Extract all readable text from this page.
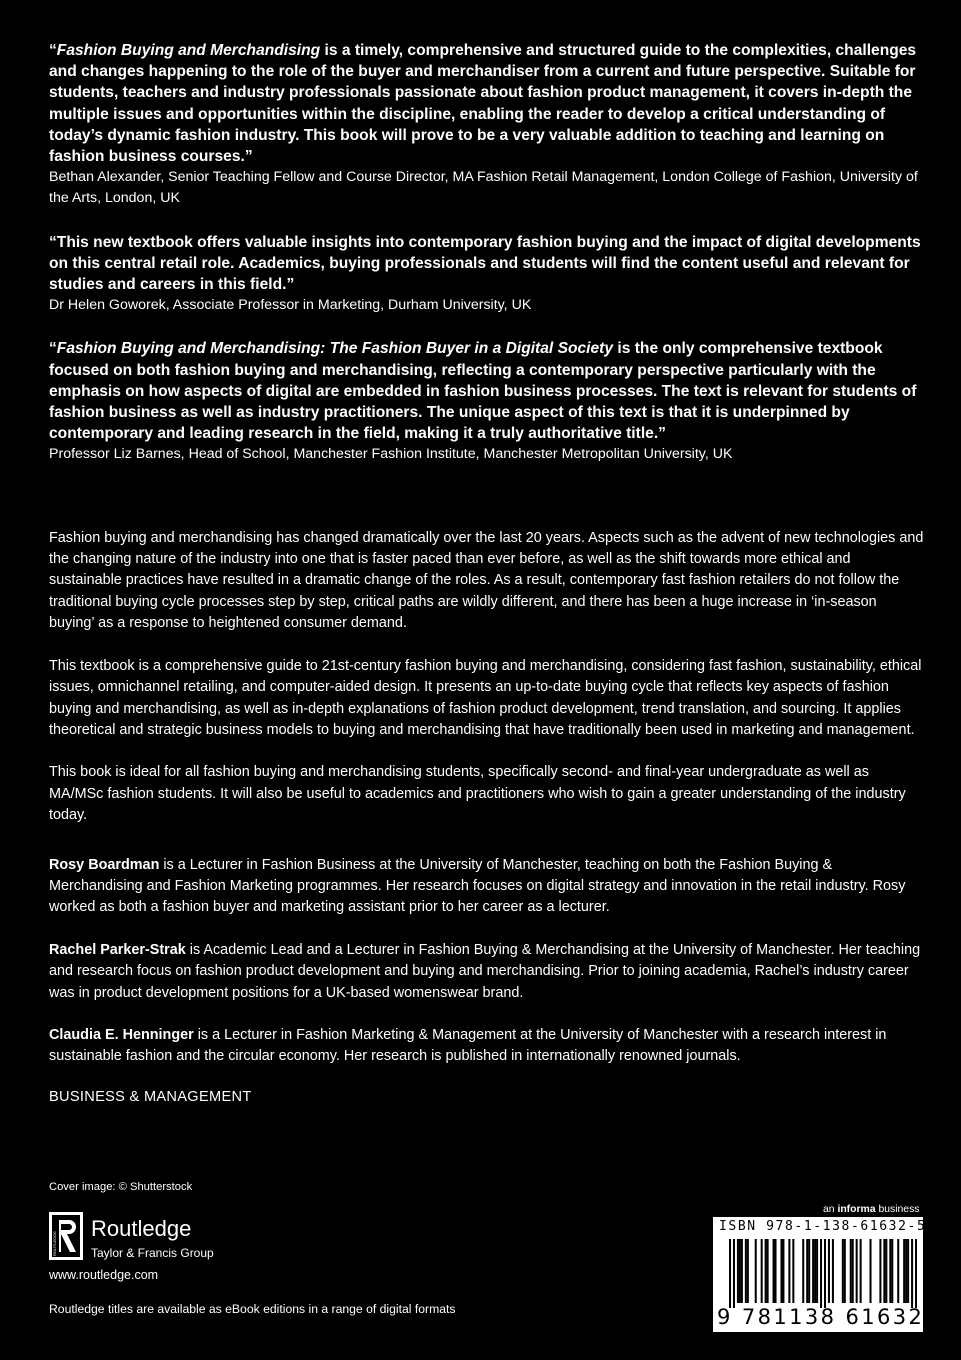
“Fashion Buying and Merchandising is a timely, comprehensive and structured guide to the complexities, challenges and changes happening to the role of the buyer and merchandiser from a current and future perspective. Suitable for students, teachers and industry professionals passionate about fashion product management, it covers in-depth the multiple issues and opportunities within the discipline, enabling the reader to develop a critical understanding of today’s dynamic fashion industry. This book will prove to be a very valuable addition to teaching and learning on fashion business courses.”

Bethan Alexander, Senior Teaching Fellow and Course Director, MA Fashion Retail Management, London College of Fashion, University of the Arts, London, UK

“This new textbook offers valuable insights into contemporary fashion buying and the impact of digital developments on this central retail role. Academics, buying professionals and students will find the content useful and relevant for studies and careers in this field.”

Dr Helen Goworek, Associate Professor in Marketing, Durham University, UK

“Fashion Buying and Merchandising: The Fashion Buyer in a Digital Society is the only comprehensive textbook focused on both fashion buying and merchandising, reflecting a contemporary perspective particularly with the emphasis on how aspects of digital are embedded in fashion business processes. The text is relevant for students of fashion business as well as industry practitioners. The unique aspect of this text is that it is underpinned by contemporary and leading research in the field, making it a truly authoritative title.”

Professor Liz Barnes, Head of School, Manchester Fashion Institute, Manchester Metropolitan University, UK

Fashion buying and merchandising has changed dramatically over the last 20 years. Aspects such as the advent of new technologies and the changing nature of the industry into one that is faster paced than ever before, as well as the shift towards more ethical and sustainable practices have resulted in a dramatic change of the roles. As a result, contemporary fast fashion retailers do not follow the traditional buying cycle processes step by step, critical paths are wildly different, and there has been a huge increase in ‘in-season buying’ as a response to heightened consumer demand.

This textbook is a comprehensive guide to 21st-century fashion buying and merchandising, considering fast fashion, sustainability, ethical issues, omnichannel retailing, and computer-aided design. It presents an up-to-date buying cycle that reflects key aspects of fashion buying and merchandising, as well as in-depth explanations of fashion product development, trend translation, and sourcing. It applies theoretical and strategic business models to buying and merchandising that have traditionally been used in marketing and management.

This book is ideal for all fashion buying and merchandising students, specifically second- and final-year undergraduate as well as MA/MSc fashion students. It will also be useful to academics and practitioners who wish to gain a greater understanding of the industry today.

Rosy Boardman is a Lecturer in Fashion Business at the University of Manchester, teaching on both the Fashion Buying & Merchandising and Fashion Marketing programmes. Her research focuses on digital strategy and innovation in the retail industry. Rosy worked as both a fashion buyer and marketing assistant prior to her career as a lecturer.

Rachel Parker-Strak is Academic Lead and a Lecturer in Fashion Buying & Merchandising at the University of Manchester. Her teaching and research focus on fashion product development and buying and merchandising. Prior to joining academia, Rachel’s industry career was in product development positions for a UK-based womenswear brand.

Claudia E. Henninger is a Lecturer in Fashion Marketing & Management at the University of Manchester with a research interest in sustainable fashion and the circular economy. Her research is published in internationally renowned journals.

BUSINESS & MANAGEMENT

Cover image: © Shutterstock

ROUTLEDGE
Routledge
Taylor & Francis Group
www.routledge.com

Routledge titles are available as eBook editions in a range of digital formats

an informa business

ISBN 978-1-138-61632-5
9 781138 616325
